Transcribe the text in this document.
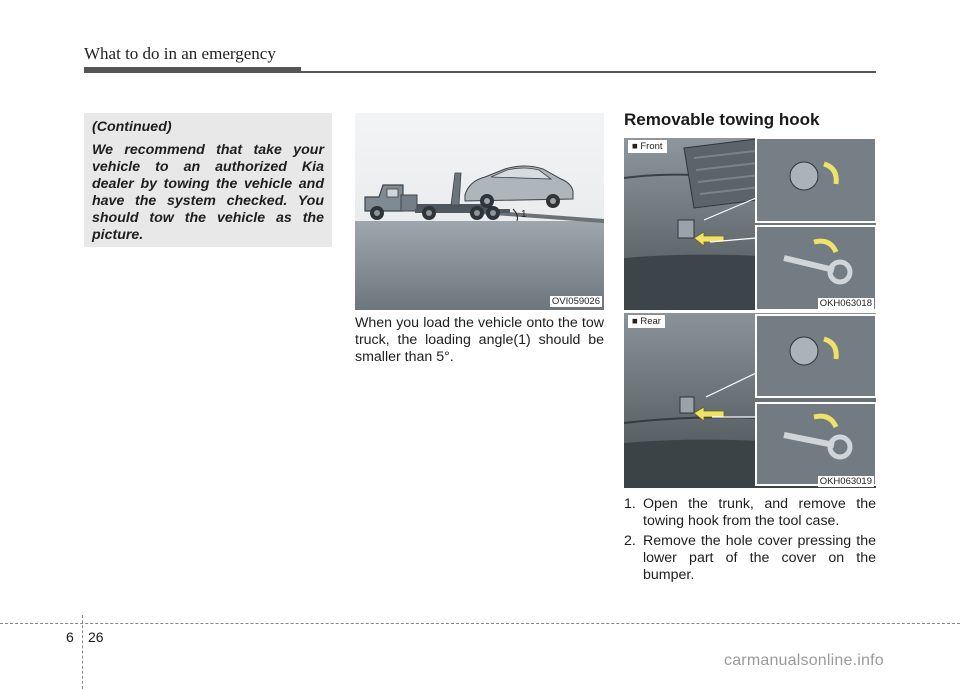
What to do in an emergency

(Continued)

We recommend that take your vehicle to an authorized Kia dealer by towing the vehicle and have the system checked. You should tow the vehicle as the picture.

1
OVI059026
When you load the vehicle onto the tow truck, the loading angle(1) should be smaller than 5°.
Removable towing hook
■ Front
OKH063018
■ Rear
OKH063019
1. Open the trunk, and remove the towing hook from the tool case.
2. Remove the hole cover pressing the lower part of the cover on the bumper.
6 26
carmanualsonline.info
